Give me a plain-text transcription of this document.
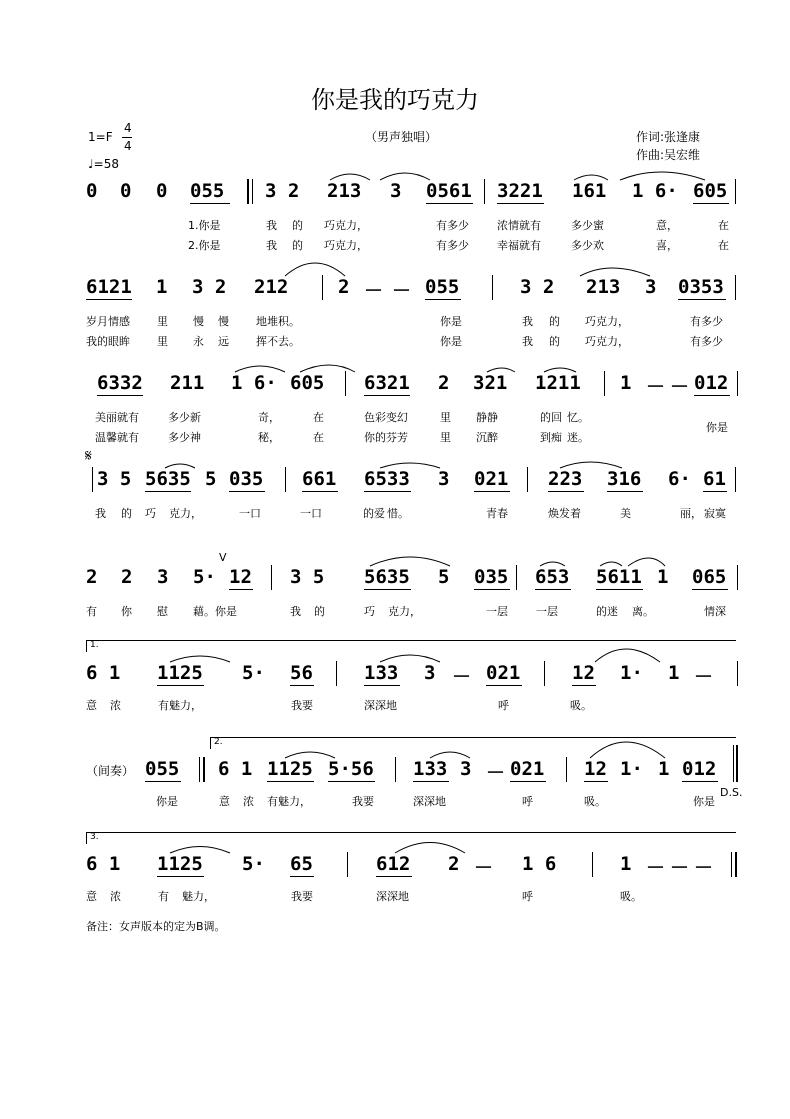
你是我的巧克力
1=F
4
4
♩=58
（男声独唱）	作词:张逢康
作曲:吴宏维
0 0 0 055 3 2 213 3 0561 3221 161 1 6· 605
1.你是	我 的 巧克力，	有多少	浓情就有	多少蜜	意，	在
2.你是	我 的 巧克力，	有多少	幸福就有	多少欢	喜，	在
6121 1 3 2 212	2 － － 055	3 2 213 3 0353
岁月情感 里 慢 慢 地堆积。	你是	我 的 巧克力，	有多少
我的眼眸 里 永 远 挥不去。	你是	我 的 巧克力，	有多少
6332 211 1 6· 605 6321 2 321 1211 1 － － 012
美丽就有	多少新	奇，	在	色彩变幻	里 静静	的回 忆。
温馨就有	多少神	秘，	在	你的芬芳	里 沉醉	到痴 迷。
你是
𝄋
3 5 5635 5 035 661 6533 3 021 223 316 6· 61
我 的 巧 克力，	一口	一口	的爱 惜。	青春	焕发着	美	丽， 寂寞
V
2 2 3 5· 12 3 5 5635 5 035 653 5611 1 065
有 你 慰 藉。你是	我 的	巧 克力，	一层	一层	的迷 离。	情深
1.
6 1 1125 5· 56	133 3 － 021	12 1· 1 －
意 浓	有魅力，	我要	深深地	呼	吸。
（间奏）
2.
055 6 1 1125 5·56 133 3 － 021 12 1· 1 012
你是	意 浓 有魅力，	我要	深深地	呼	吸。	你是
D.S.
3.
6 1 1125 5· 65	612 2 － 1 6	1 － － －
意 浓	有 魅力，	我要	深深地	呼	吸。
备注：女声版本的定为B调。
